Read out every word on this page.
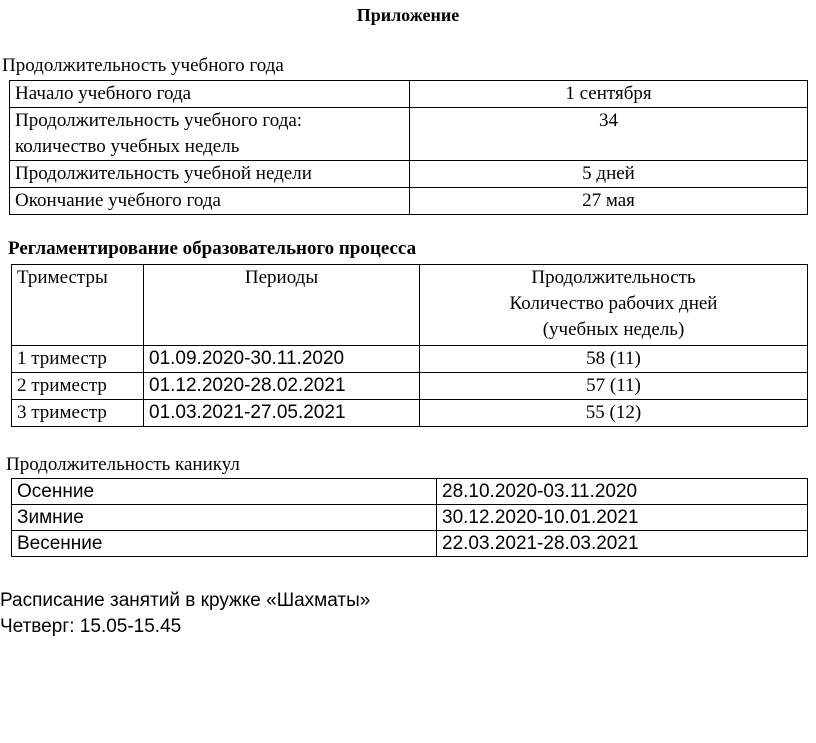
Приложение
Продолжительность учебного года
Начало учебного года	1 сентября

Продолжительность учебного года:
количество учебных недель	34
Продолжительность учебной недели	5 дней
Окончание учебного года	27 мая
Регламентирование образовательного процесса
Триместры	Периоды	Продолжительность
Количество рабочих дней
(учебных недель)

1 триместр	01.09.2020-30.11.2020	58 (11)
2 триместр	01.12.2020-28.02.2021	57 (11)
3 триместр	01.03.2021-27.05.2021	55 (12)
Продолжительность каникул
Осенние	28.10.2020-03.11.2020
Зимние	30.12.2020-10.01.2021
Весенние	22.03.2021-28.03.2021
Расписание занятий в кружке «Шахматы»
Четверг: 15.05-15.45
